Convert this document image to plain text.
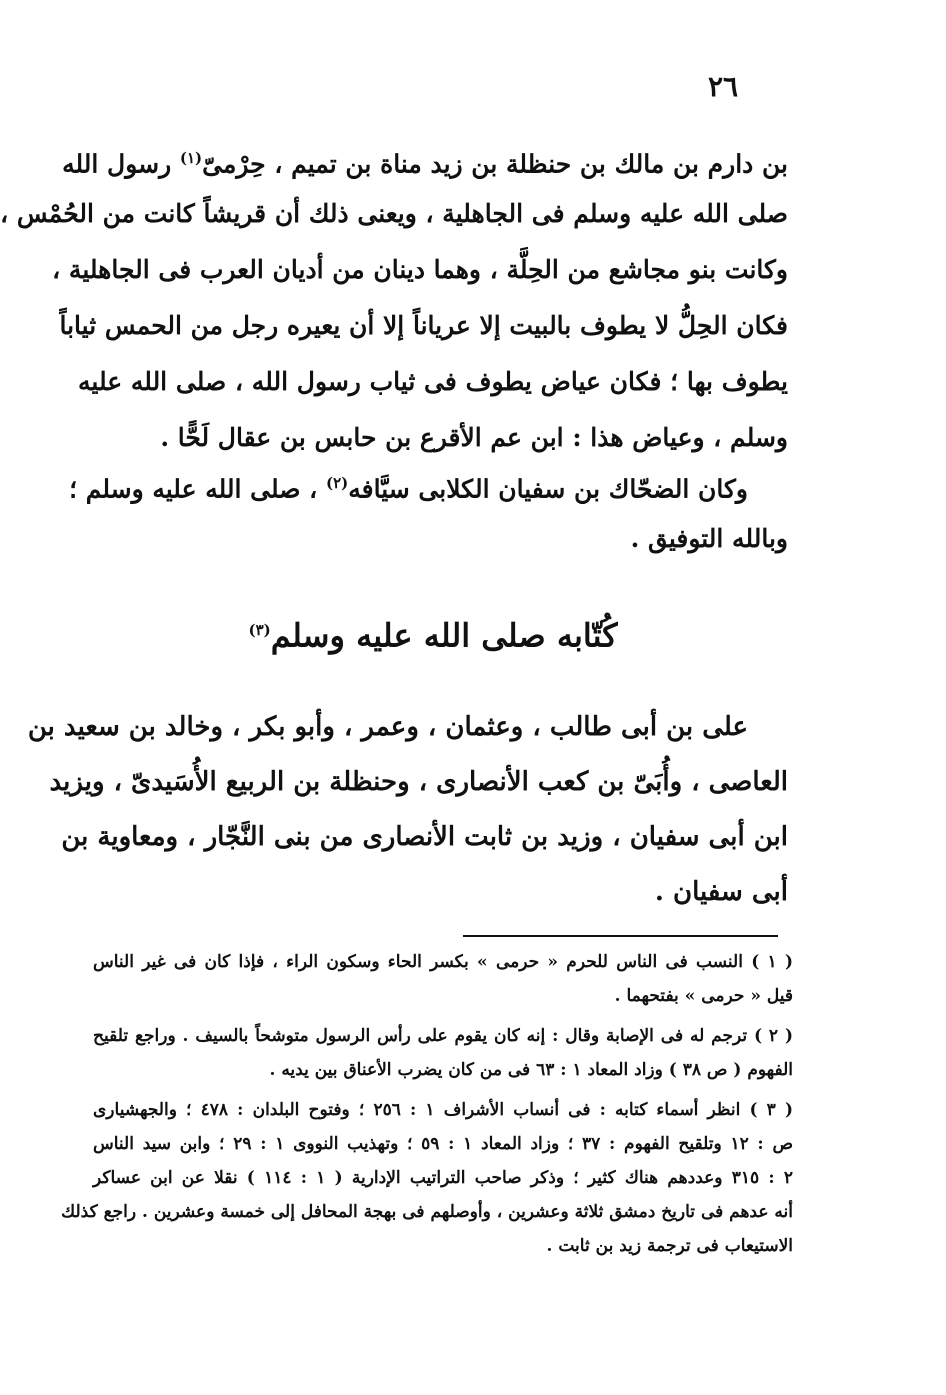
٢٦
بن دارم بن مالك بن حنظلة بن زيد مناة بن تميم ، حِرْمىّ$^{(١)}$ رسول الله
صلى الله عليه وسلم فى الجاهلية ، ويعنى ذلك أن قريشاً كانت من الحُمْس ،
وكانت بنو مجاشع من الحِلَّة ، وهما دينان من أديان العرب فى الجاهلية ،
فكان الحِلُّ لا يطوف بالبيت إلا عرياناً إلا أن يعيره رجل من الحمس ثياباً
يطوف بها ؛ فكان عياض يطوف فى ثياب رسول الله ، صلى الله عليه
وسلم ، وعياض هذا : ابن عم الأقرع بن حابس بن عقال لَحًّا .
وكان الضحّاك بن سفيان الكلابى سيَّافه$^{(٢)}$ ، صلى الله عليه وسلم ؛
وبالله التوفيق .
كُتّابه صلى الله عليه وسلم$^{(٣)}$
على بن أبى طالب ، وعثمان ، وعمر ، وأبو بكر ، وخالد بن سعيد بن
العاصى ، وأُبَىّ بن كعب الأنصارى ، وحنظلة بن الربيع الأُسَيدىّ ، ويزيد
ابن أبى سفيان ، وزيد بن ثابت الأنصارى من بنى النَّجّار ، ومعاوية بن
أبى سفيان .
( ١ ) النسب فى الناس للحرم « حرمى » بكسر الحاء وسكون الراء ، فإذا كان فى غير الناس
قيل « حرمى » بفتحهما .
( ٢ ) ترجم له فى الإصابة وقال : إنه كان يقوم على رأس الرسول متوشحاً بالسيف . وراجع تلقيح
الفهوم ( ص ٣٨ ) وزاد المعاد ١ : ٦٣ فى من كان يضرب الأعناق بين يديه .
( ٣ ) انظر أسماء كتابه : فى أنساب الأشراف ١ : ٢٥٦ ؛ وفتوح البلدان : ٤٧٨ ؛ والجهشيارى
ص : ١٢ وتلقيح الفهوم : ٣٧ ؛ وزاد المعاد ١ : ٥٩ ؛ وتهذيب النووى ١ : ٢٩ ؛ وابن سيد الناس
٢ : ٣١٥ وعددهم هناك كثير ؛ وذكر صاحب التراتيب الإدارية ( ١ : ١١٤ ) نقلا عن ابن عساكر
أنه عدهم فى تاريخ دمشق ثلاثة وعشرين ، وأوصلهم فى بهجة المحافل إلى خمسة وعشرين . راجع كذلك
الاستيعاب فى ترجمة زيد بن ثابت .
